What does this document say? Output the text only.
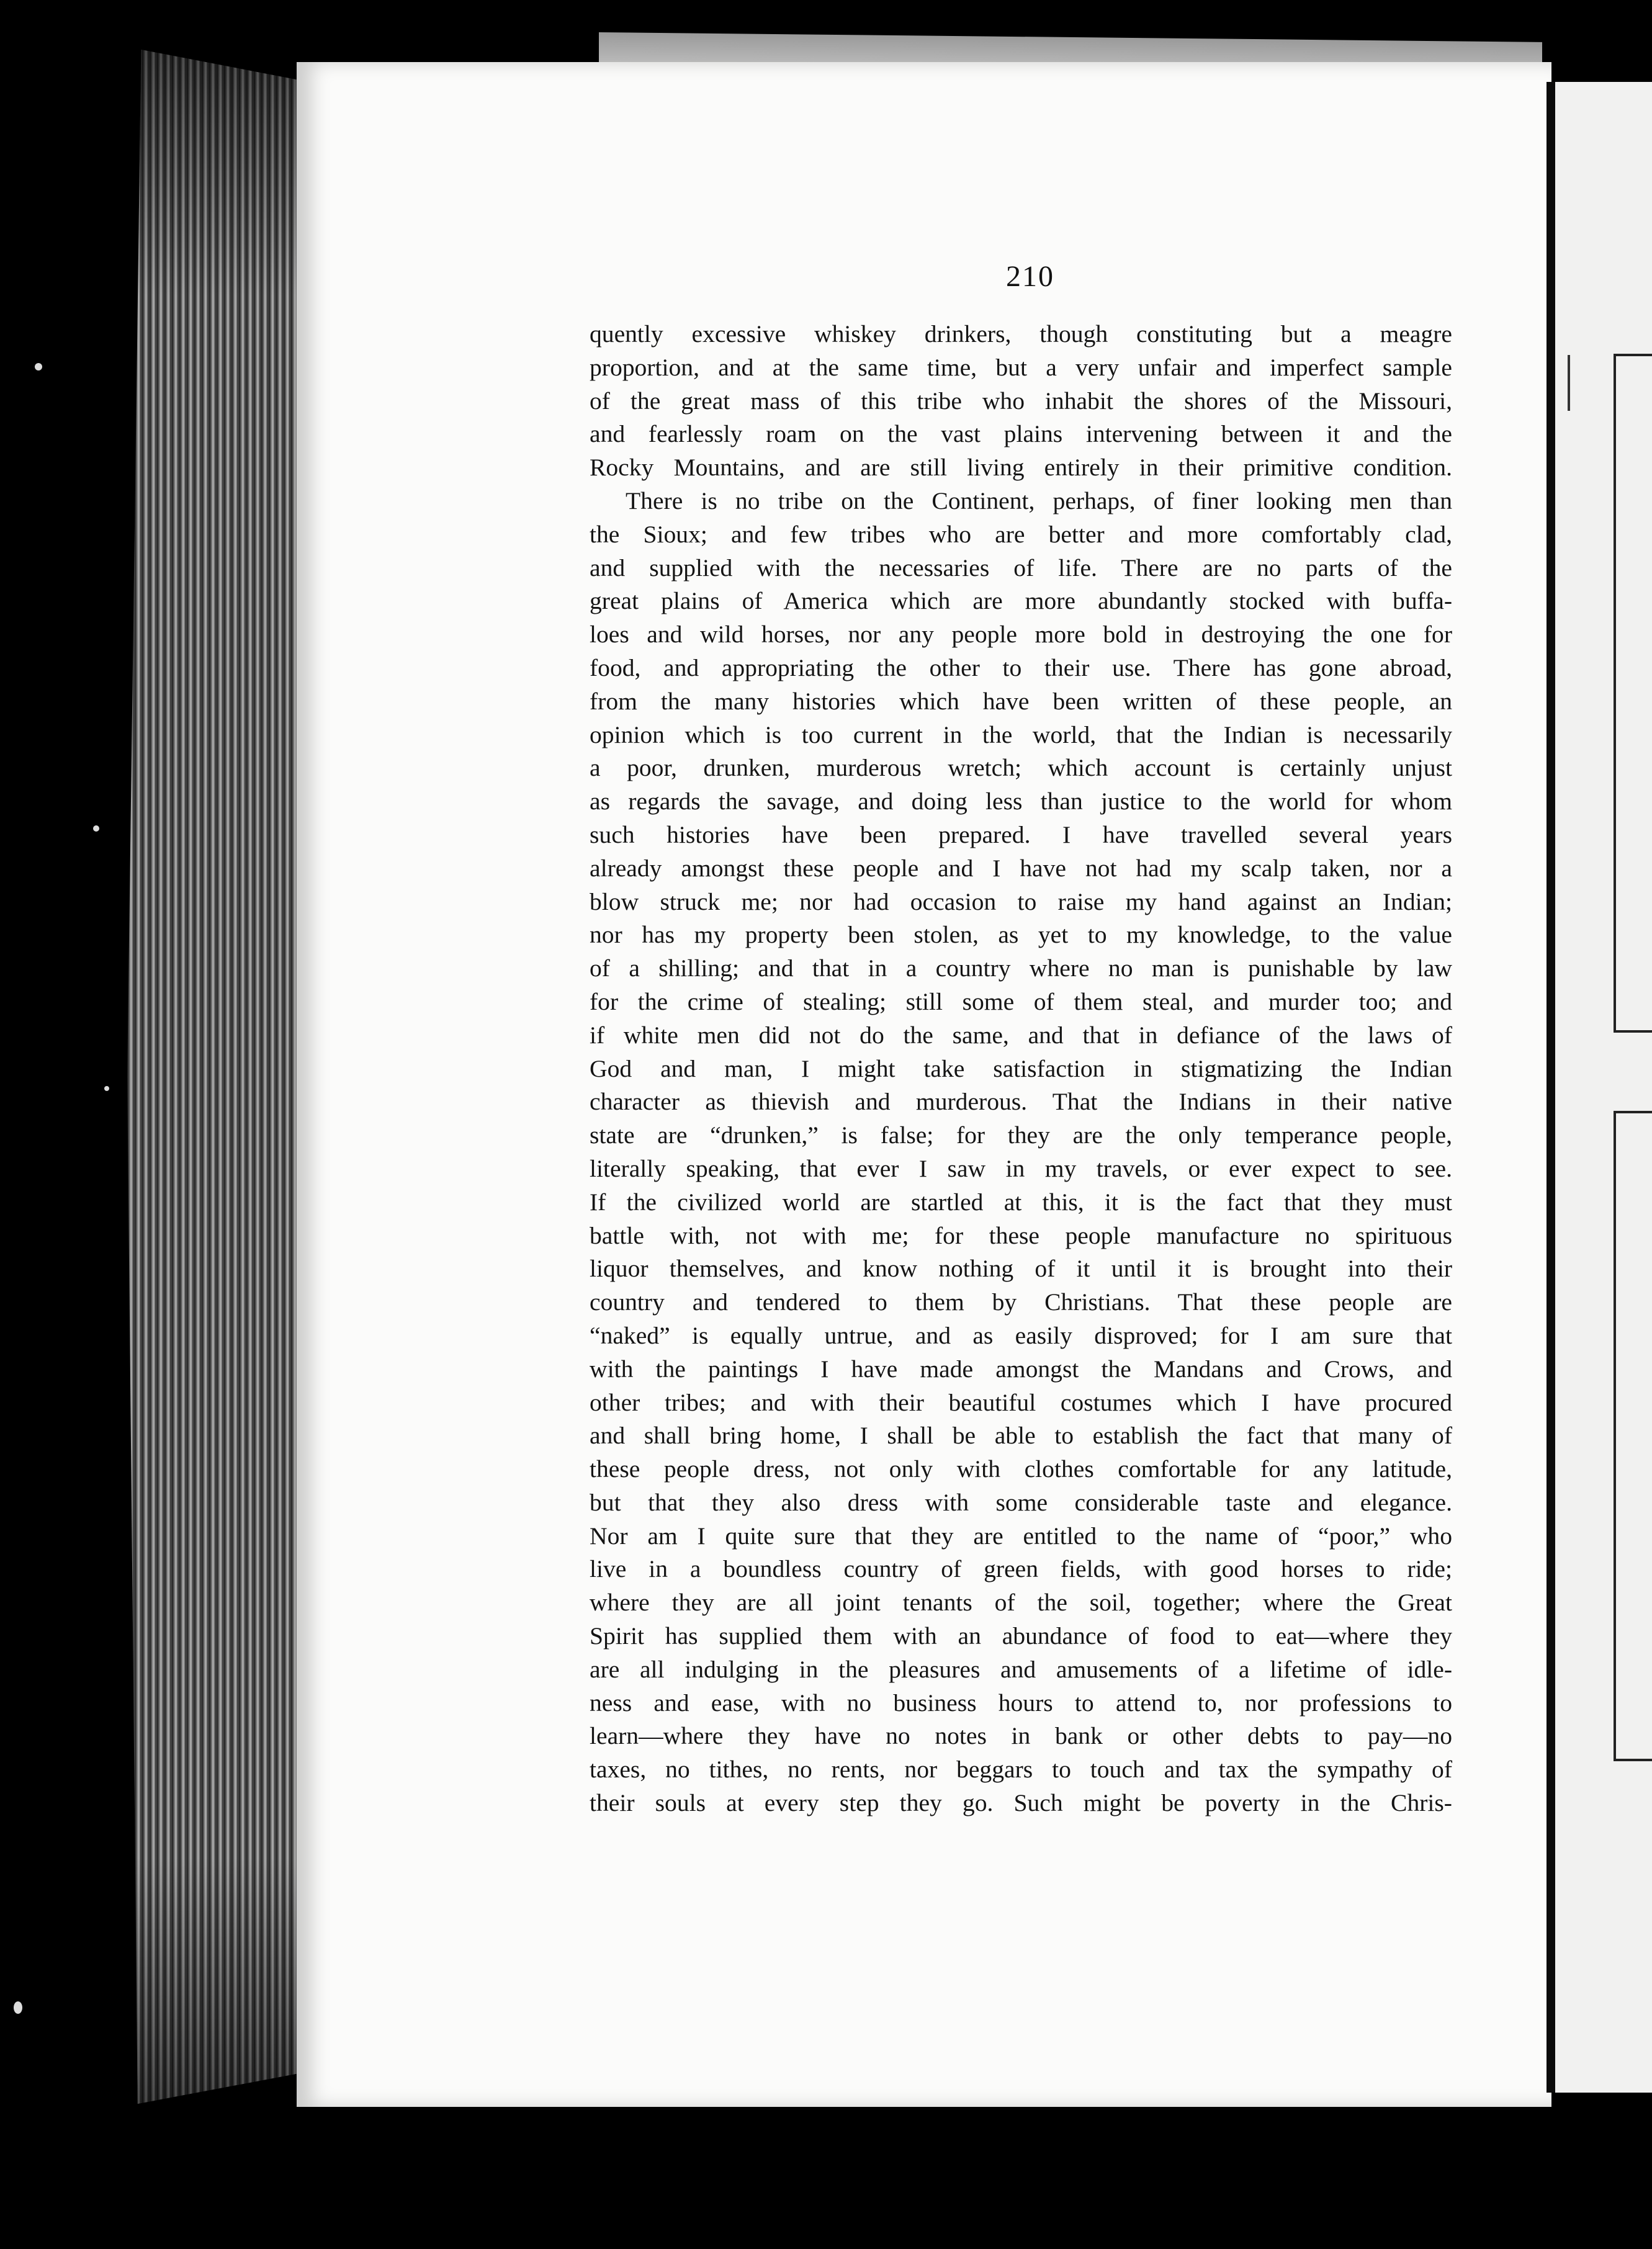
210
quently excessive whiskey drinkers, though constituting but a meagre
proportion, and at the same time, but a very unfair and imperfect sample
of the great mass of this tribe who inhabit the shores of the Missouri,
and fearlessly roam on the vast plains intervening between it and the
Rocky Mountains, and are still living entirely in their primitive condition.
There is no tribe on the Continent, perhaps, of finer looking men than
the Sioux; and few tribes who are better and more comfortably clad,
and supplied with the necessaries of life. There are no parts of the
great plains of America which are more abundantly stocked with buffa-
loes and wild horses, nor any people more bold in destroying the one for
food, and appropriating the other to their use. There has gone abroad,
from the many histories which have been written of these people, an
opinion which is too current in the world, that the Indian is necessarily
a poor, drunken, murderous wretch; which account is certainly unjust
as regards the savage, and doing less than justice to the world for whom
such histories have been prepared. I have travelled several years
already amongst these people and I have not had my scalp taken, nor a
blow struck me; nor had occasion to raise my hand against an Indian;
nor has my property been stolen, as yet to my knowledge, to the value
of a shilling; and that in a country where no man is punishable by law
for the crime of stealing; still some of them steal, and murder too; and
if white men did not do the same, and that in defiance of the laws of
God and man, I might take satisfaction in stigmatizing the Indian
character as thievish and murderous. That the Indians in their native
state are “drunken,” is false; for they are the only temperance people,
literally speaking, that ever I saw in my travels, or ever expect to see.
If the civilized world are startled at this, it is the fact that they must
battle with, not with me; for these people manufacture no spirituous
liquor themselves, and know nothing of it until it is brought into their
country and tendered to them by Christians. That these people are
“naked” is equally untrue, and as easily disproved; for I am sure that
with the paintings I have made amongst the Mandans and Crows, and
other tribes; and with their beautiful costumes which I have procured
and shall bring home, I shall be able to establish the fact that many of
these people dress, not only with clothes comfortable for any latitude,
but that they also dress with some considerable taste and elegance.
Nor am I quite sure that they are entitled to the name of “poor,” who
live in a boundless country of green fields, with good horses to ride;
where they are all joint tenants of the soil, together; where the Great
Spirit has supplied them with an abundance of food to eat—where they
are all indulging in the pleasures and amusements of a lifetime of idle-
ness and ease, with no business hours to attend to, nor professions to
learn—where they have no notes in bank or other debts to pay—no
taxes, no tithes, no rents, nor beggars to touch and tax the sympathy of
their souls at every step they go. Such might be poverty in the Chris-
